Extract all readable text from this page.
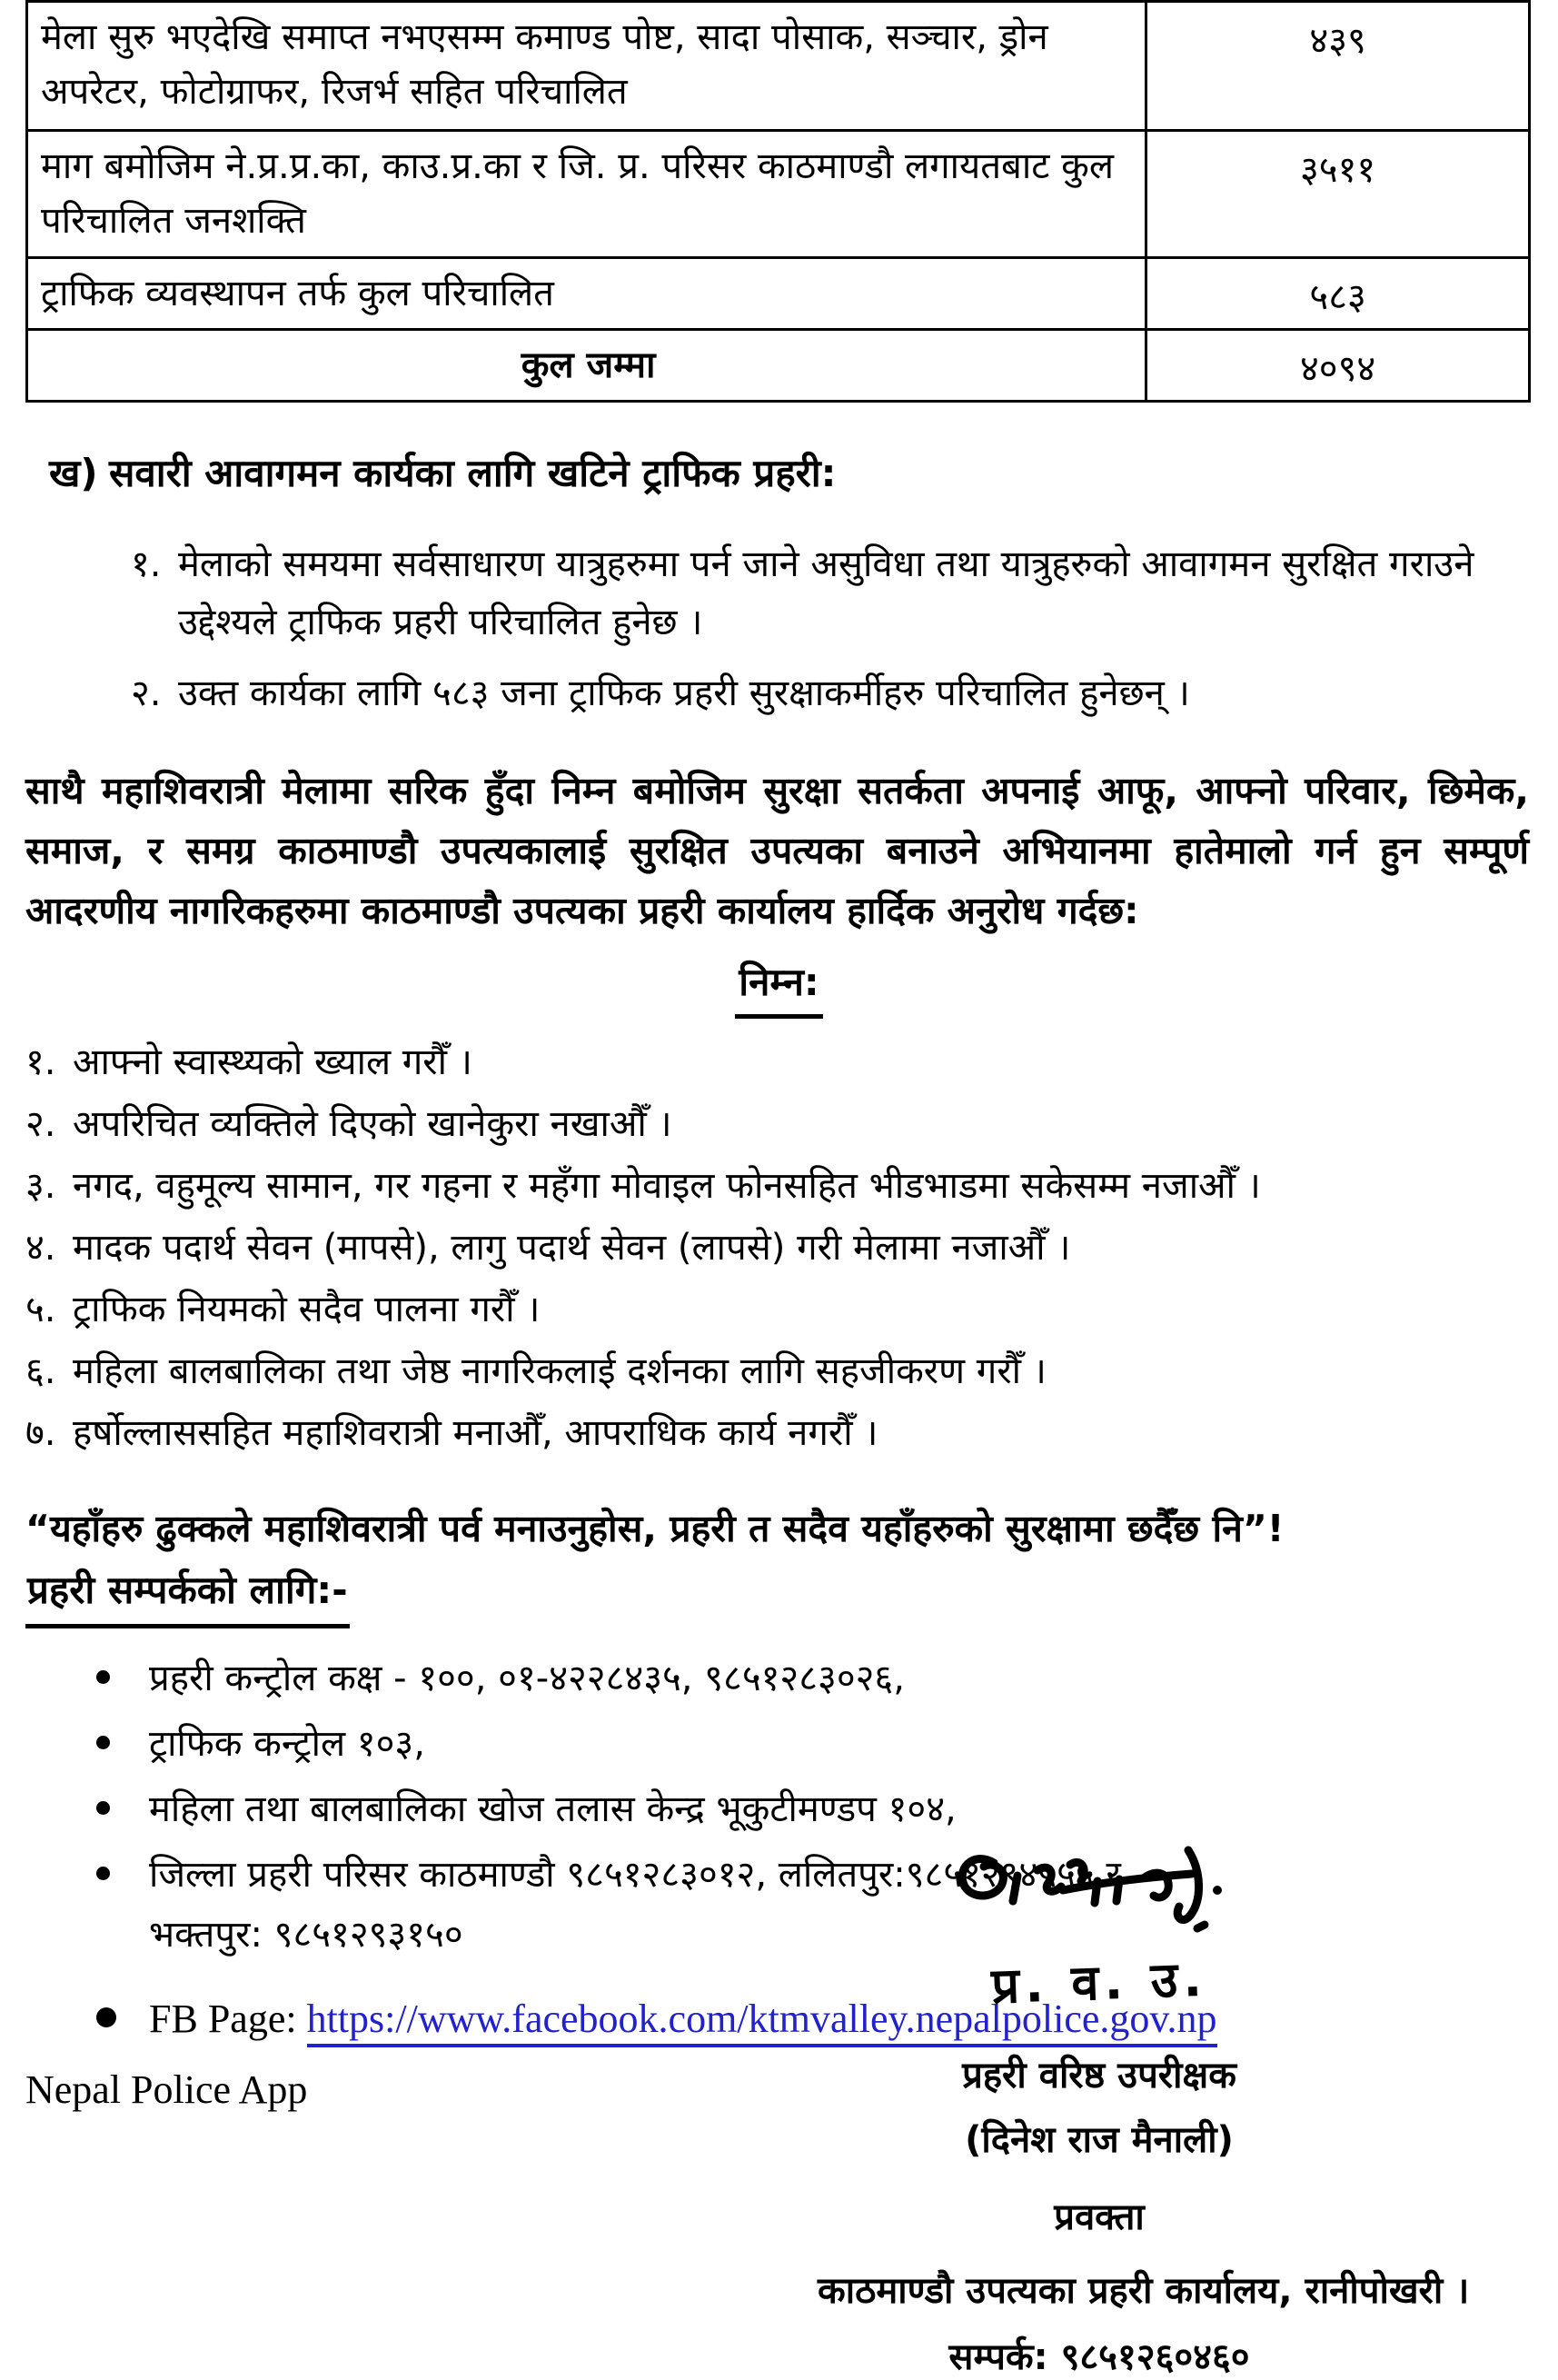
मेला सुरु भएदेखि समाप्त नभएसम्म कमाण्ड पोष्ट, सादा पोसाक, सञ्चार, ड्रोन अपरेटर, फोटोग्राफर, रिजर्भ सहित परिचालित	४३९
माग बमोजिम ने.प्र.प्र.का, काउ.प्र.का र जि. प्र. परिसर काठमाण्डौ लगायतबाट कुल परिचालित जनशक्ति	३५११
ट्राफिक व्यवस्थापन तर्फ कुल परिचालित	५८३
कुल जम्मा	४०९४
ख) सवारी आवागमन कार्यका लागि खटिने ट्राफिक प्रहरी:
१. मेलाको समयमा सर्वसाधारण यात्रुहरुमा पर्न जाने असुविधा तथा यात्रुहरुको आवागमन सुरक्षित गराउने उद्देश्यले ट्राफिक प्रहरी परिचालित हुनेछ ।
२. उक्त कार्यका लागि ५८३ जना ट्राफिक प्रहरी सुरक्षाकर्मीहरु परिचालित हुनेछन् ।
साथै महाशिवरात्री मेलामा सरिक हुँदा निम्न बमोजिम सुरक्षा सतर्कता अपनाई आफू, आफ्नो परिवार, छिमेक, समाज, र समग्र काठमाण्डौ उपत्यकालाई सुरक्षित उपत्यका बनाउने अभियानमा हातेमालो गर्न हुन सम्पूर्ण आदरणीय नागरिकहरुमा काठमाण्डौ उपत्यका प्रहरी कार्यालय हार्दिक अनुरोध गर्दछ:
निम्न:
१. आफ्नो स्वास्थ्यको ख्याल गरौँ ।
२. अपरिचित व्यक्तिले दिएको खानेकुरा नखाऔँ ।
३. नगद, वहुमूल्य सामान, गर गहना र महँगा मोवाइल फोनसहित भीडभाडमा सकेसम्म नजाऔँ ।
४. मादक पदार्थ सेवन (मापसे), लागु पदार्थ सेवन (लापसे) गरी मेलामा नजाऔँ ।
५. ट्राफिक नियमको सदैव पालना गरौँ ।
६. महिला बालबालिका तथा जेष्ठ नागरिकलाई दर्शनका लागि सहजीकरण गरौँ ।
७. हर्षोल्लाससहित महाशिवरात्री मनाऔँ, आपराधिक कार्य नगरौँ ।
“यहाँहरु ढुक्कले महाशिवरात्री पर्व मनाउनुहोस, प्रहरी त सदैव यहाँहरुको सुरक्षामा छदैँछ नि”!
प्रहरी सम्पर्कको लागि:-
प्रहरी कन्ट्रोल कक्ष - १००, ०१-४२२८४३५, ९८५१२८३०२६,
ट्राफिक कन्ट्रोल १०३,
महिला तथा बालबालिका खोज तलास केन्द्र भूकुटीमण्डप १०४,
जिल्ला प्रहरी परिसर काठमाण्डौ ९८५१२८३०१२, ललितपुर:९८५१२९४५५५ र
भक्तपुर: ९८५१२९३१५०
FB Page: https://www.facebook.com/ktmvalley.nepalpolice.gov.np
Nepal Police App
प्र. व. उ.
प्रहरी वरिष्ठ उपरीक्षक
(दिनेश राज मैनाली)
प्रवक्ता
काठमाण्डौ उपत्यका प्रहरी कार्यालय, रानीपोखरी ।
सम्पर्क: ९८५१२६०४६०
